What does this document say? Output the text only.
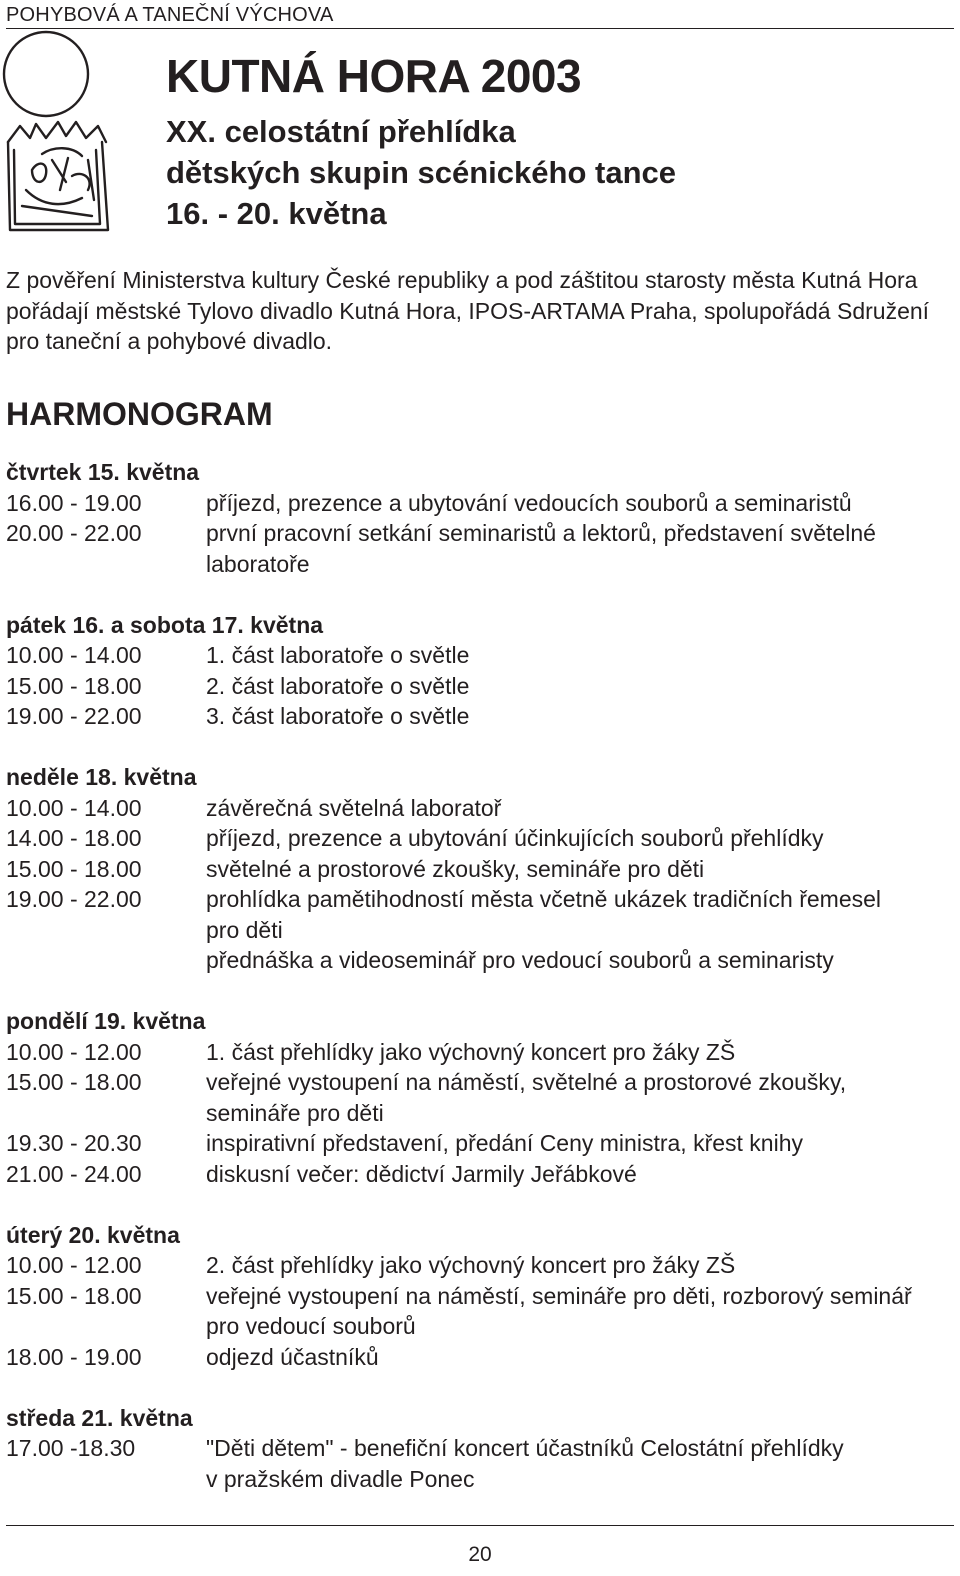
POHYBOVÁ A TANEČNÍ VÝCHOVA
KUTNÁ HORA 2003
XX. celostátní přehlídka
dětských skupin scénického tance
16. - 20. května
Z pověření Ministerstva kultury České republiky a pod záštitou starosty města Kutná Hora pořádají městské Tylovo divadlo Kutná Hora, IPOS-ARTAMA Praha, spolupořádá Sdružení pro taneční a pohybové divadlo.
HARMONOGRAM
čtvrtek 15. května
16.00 - 19.00	příjezd, prezence a ubytování vedoucích souborů a seminaristů
20.00 - 22.00	první pracovní setkání seminaristů a lektorů, představení světelné
laboratoře
pátek 16. a sobota 17. května
10.00 - 14.00	1. část laboratoře o světle
15.00 - 18.00	2. část laboratoře o světle
19.00 - 22.00	3. část laboratoře o světle
neděle 18. května
10.00 - 14.00	závěrečná světelná laboratoř
14.00 - 18.00	příjezd, prezence a ubytování účinkujících souborů přehlídky
15.00 - 18.00	světelné a prostorové zkoušky, semináře pro děti
19.00 - 22.00	prohlídka pamětihodností města včetně ukázek tradičních řemesel
pro děti
přednáška a videoseminář pro vedoucí souborů a seminaristy
pondělí 19. května
10.00 - 12.00	1. část přehlídky jako výchovný koncert pro žáky ZŠ
15.00 - 18.00	veřejné vystoupení na náměstí, světelné a prostorové zkoušky,
semináře pro děti
19.30 - 20.30	inspirativní představení, předání Ceny ministra, křest knihy
21.00 - 24.00	diskusní večer: dědictví Jarmily Jeřábkové
úterý 20. května
10.00 - 12.00	2. část přehlídky jako výchovný koncert pro žáky ZŠ
15.00 - 18.00	veřejné vystoupení na náměstí, semináře pro děti, rozborový seminář
pro vedoucí souborů
18.00 - 19.00	odjezd účastníků
středa 21. května
17.00 -18.30	"Děti dětem" - benefiční koncert účastníků Celostátní přehlídky
v pražském divadle Ponec
20
